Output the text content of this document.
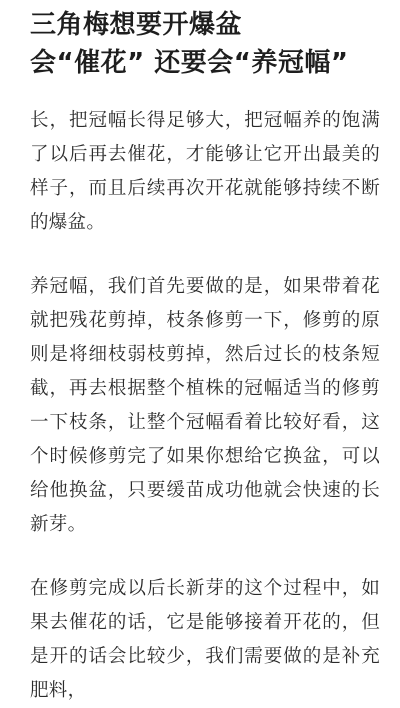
三角梅想要开爆盆
会“催花” 还要会“养冠幅”

长，把冠幅长得足够大，把冠幅养的饱满了以后再去催花，才能够让它开出最美的样子，而且后续再次开花就能够持续不断的爆盆。

养冠幅，我们首先要做的是，如果带着花就把残花剪掉，枝条修剪一下，修剪的原则是将细枝弱枝剪掉，然后过长的枝条短截，再去根据整个植株的冠幅适当的修剪一下枝条，让整个冠幅看着比较好看，这个时候修剪完了如果你想给它换盆，可以给他换盆，只要缓苗成功他就会快速的长新芽。

在修剪完成以后长新芽的这个过程中，如果去催花的话，它是能够接着开花的，但是开的话会比较少，我们需要做的是补充肥料，
